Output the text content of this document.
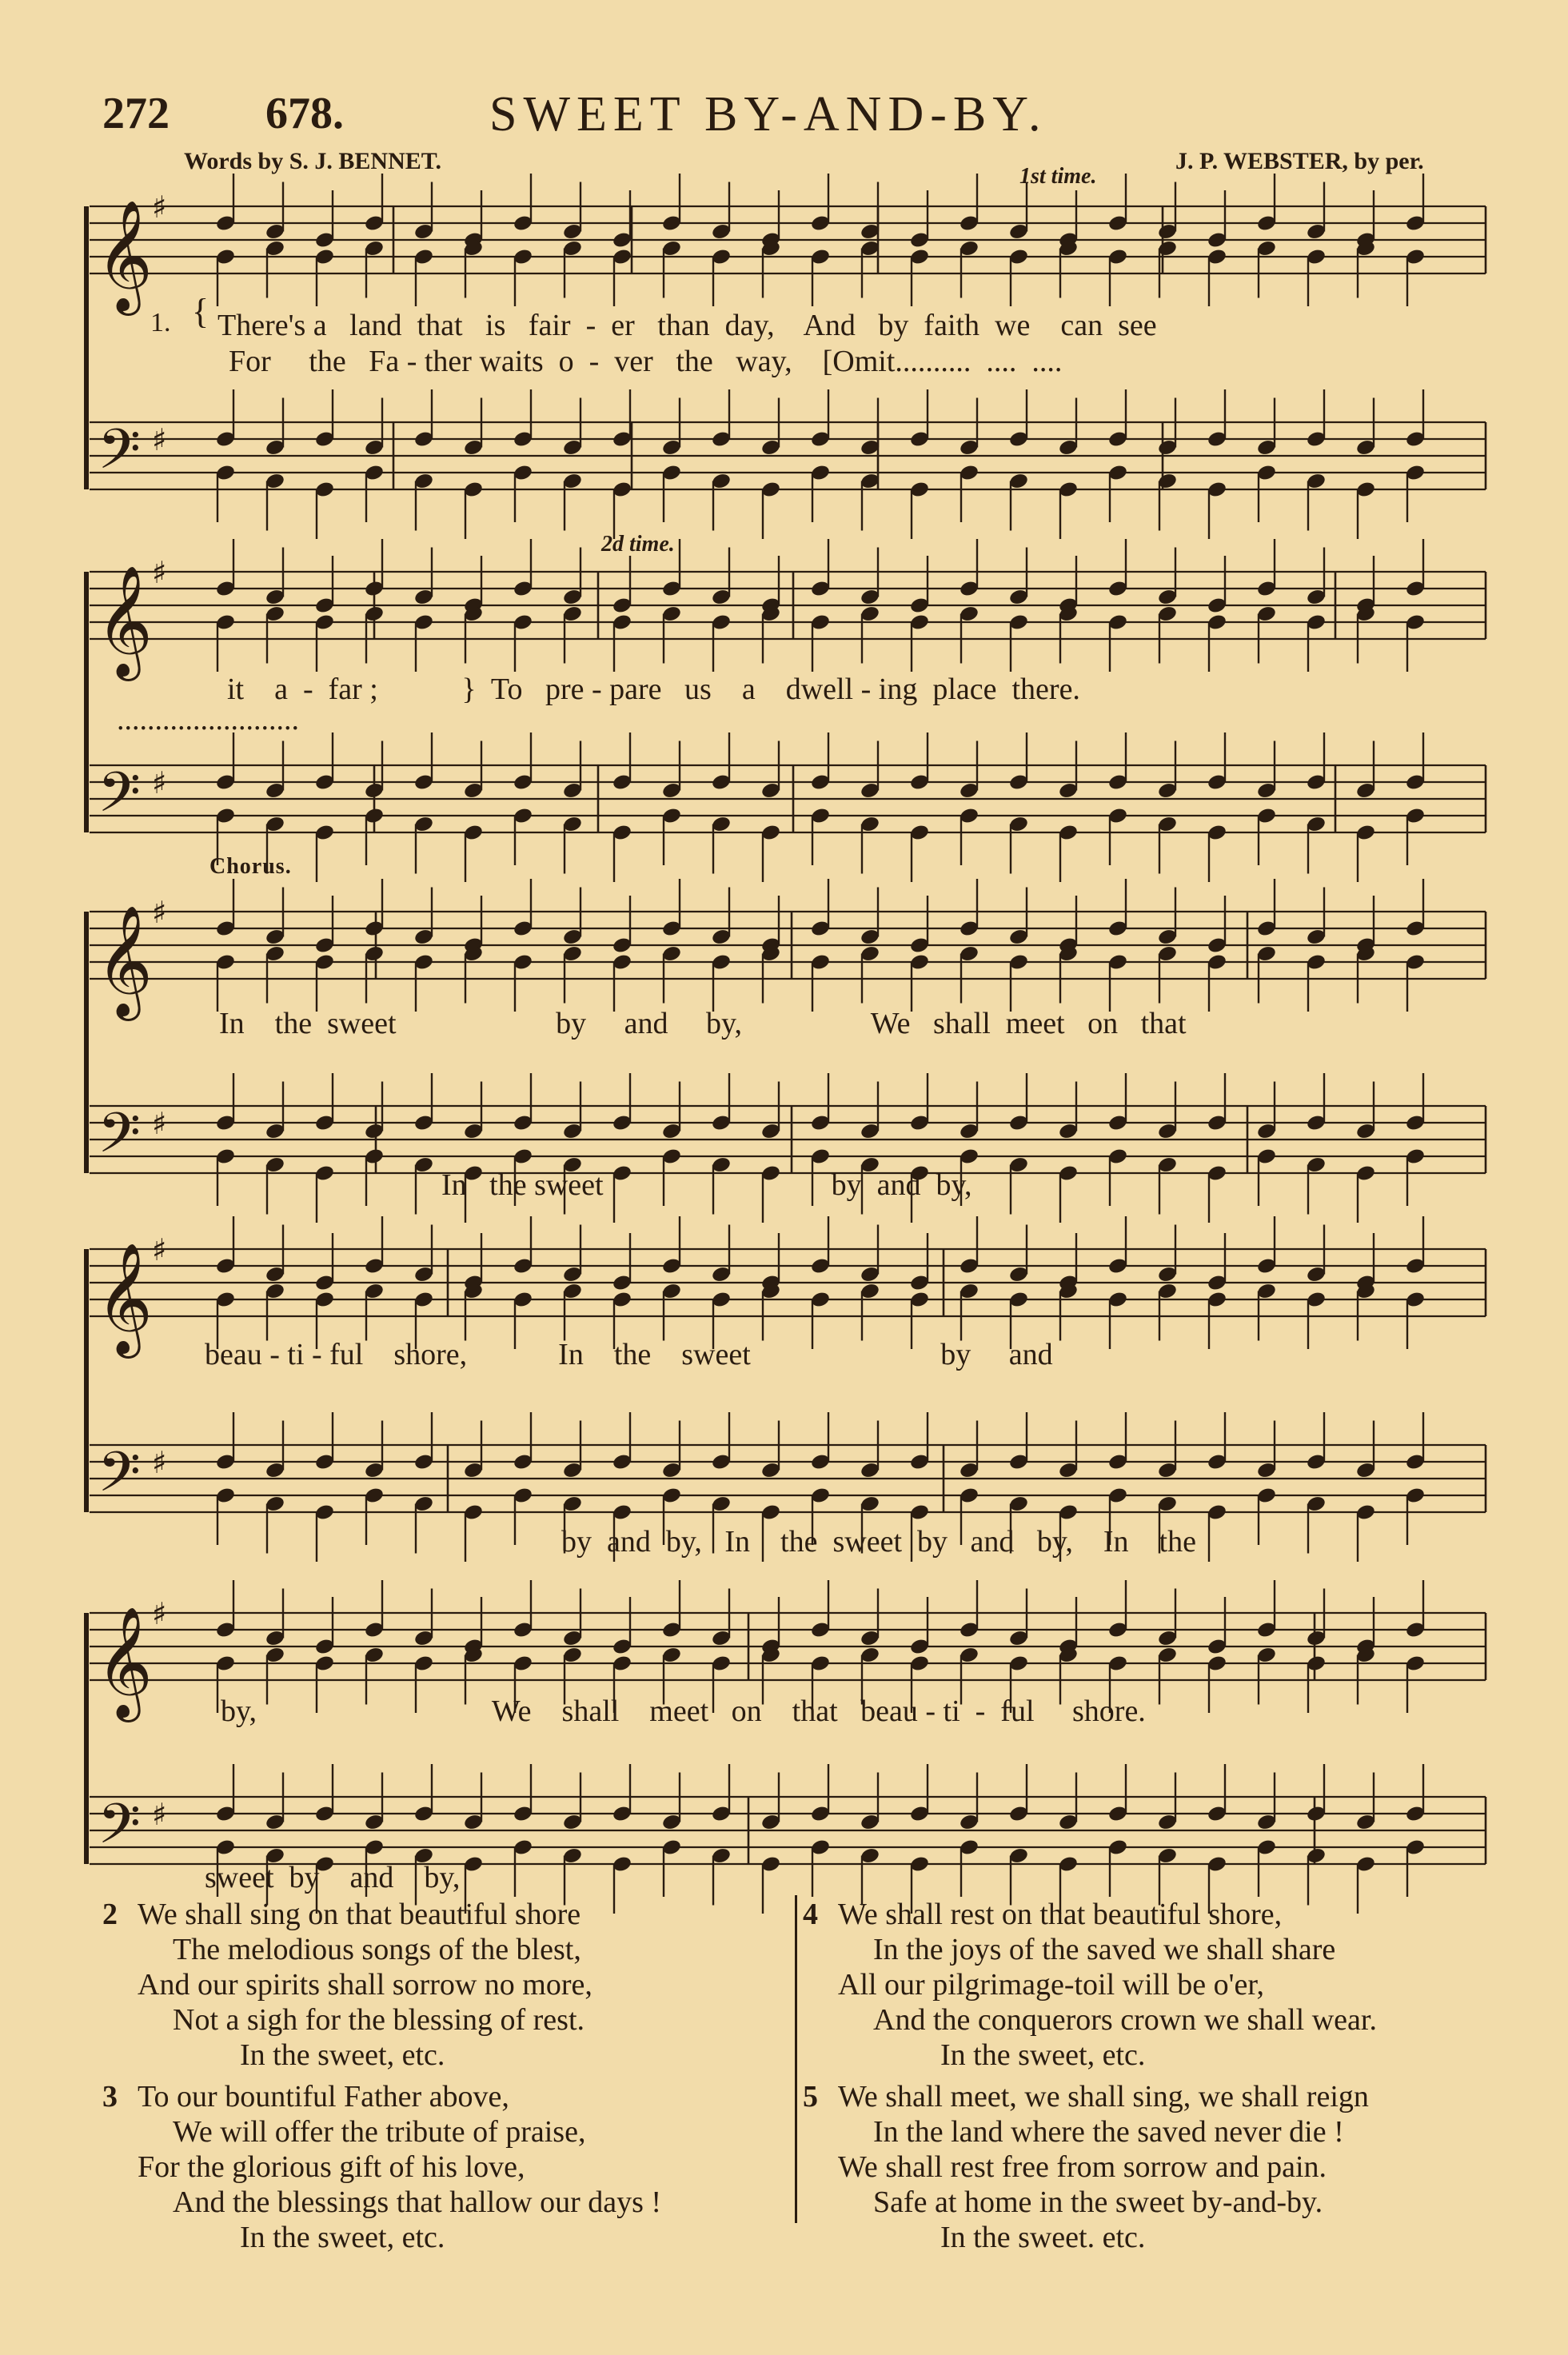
272 678.	SWEET BY-AND-BY.
Words by S. J. BENNET.	J. P. WEBSTER, by per.
1st time.
2d time.
Chorus.
𝄞
𝄢
♯
♯
𝄞
𝄢
♯
♯
𝄞
𝄢
♯
♯
𝄞
𝄢
♯
♯
𝄞
𝄢
♯
♯
1. { There's a   land  that   is   fair  -  er   than  day,    And   by  faith  we    can  see
For     the   Fa - ther waits  o  -  ver   the   way,    [Omit..........  ....  ....
it    a  -  far ;           }  To   pre - pare   us    a    dwell - ing  place  there.
........................
In    the  sweet                     by     and     by,                 We   shall  meet   on   that
In   the sweet                              by  and  by,
beau - ti - ful    shore,            In    the    sweet                         by     and
by  and  by,   In    the  sweet  by   and   by,    In    the
by,                               We    shall    meet   on    that   beau - ti  -  ful     shore.
sweet  by    and    by,
2 We shall sing on that beautiful shore
The melodious songs of the blest,
And our spirits shall sorrow no more,
Not a sigh for the blessing of rest.
In the sweet, etc.
3 To our bountiful Father above,
We will offer the tribute of praise,
For the glorious gift of his love,
And the blessings that hallow our days !
In the sweet, etc.
4 We shall rest on that beautiful shore,
In the joys of the saved we shall share
All our pilgrimage-toil will be o'er,
And the conquerors crown we shall wear.
In the sweet, etc.
5 We shall meet, we shall sing, we shall reign
In the land where the saved never die !
We shall rest free from sorrow and pain.
Safe at home in the sweet by-and-by.
In the sweet. etc.
